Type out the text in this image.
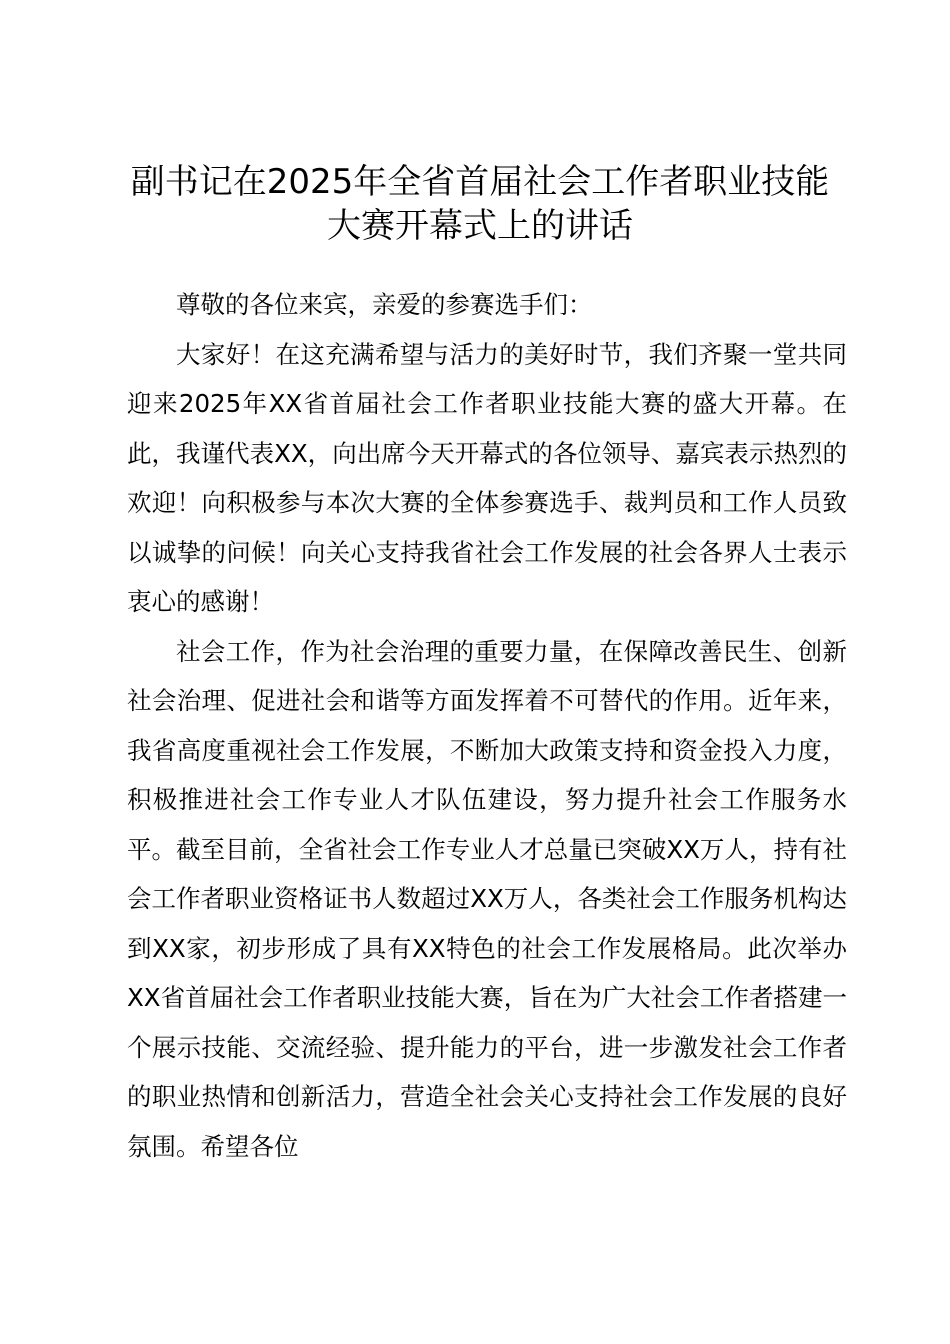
副书记在2025年全省首届社会工作者职业技能大赛开幕式上的讲话

尊敬的各位来宾，亲爱的参赛选手们：

大家好！在这充满希望与活力的美好时节，我们齐聚一堂共同迎来2025年XX省首届社会工作者职业技能大赛的盛大开幕。在此，我谨代表XX，向出席今天开幕式的各位领导、嘉宾表示热烈的欢迎！向积极参与本次大赛的全体参赛选手、裁判员和工作人员致以诚挚的问候！向关心支持我省社会工作发展的社会各界人士表示衷心的感谢！

社会工作，作为社会治理的重要力量，在保障改善民生、创新社会治理、促进社会和谐等方面发挥着不可替代的作用。近年来，我省高度重视社会工作发展，不断加大政策支持和资金投入力度，积极推进社会工作专业人才队伍建设，努力提升社会工作服务水平。截至目前，全省社会工作专业人才总量已突破XX万人，持有社会工作者职业资格证书人数超过XX万人，各类社会工作服务机构达到XX家，初步形成了具有XX特色的社会工作发展格局。此次举办XX省首届社会工作者职业技能大赛，旨在为广大社会工作者搭建一个展示技能、交流经验、提升能力的平台，进一步激发社会工作者的职业热情和创新活力，营造全社会关心支持社会工作发展的良好氛围。希望各位
